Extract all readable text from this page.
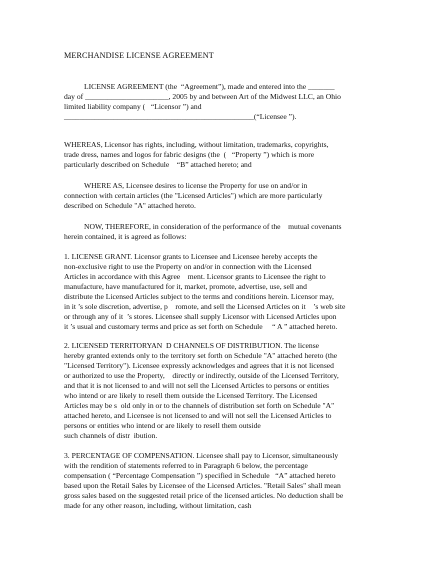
MERCHANDISE LICENSE AGREEMENT
LICENSE AGREEMENT (the  “Agreement”), made and entered into the _______
day of ______________________, 2005 by and between Art of the Midwest LLC, an Ohio
limited liability company (   “Licensor ”) and
__________________________________________________(“Licensee ”).
WHEREAS, Licensor has rights, including, without limitation, trademarks, copyrights,
trade dress, names and logos for fabric designs (the  (   “Property ”) which is more
particularly described on Schedule    “B” attached hereto; and
WHERE AS, Licensee desires to license the Property for use on and/or in
connection with certain articles (the "Licensed Articles") which are more particularly
described on Schedule "A" attached hereto.
NOW, THEREFORE, in consideration of the performance of the    mutual covenants
herein contained, it is agreed as follows:
1. LICENSE GRANT. Licensor grants to Licensee and Licensee hereby accepts the
non-exclusive right to use the Property on and/or in connection with the Licensed
Articles in accordance with this Agree    ment. Licensor grants to Licensee the right to
manufacture, have manufactured for it, market, promote, advertise, use, sell and
distribute the Licensed Articles subject to the terms and conditions herein. Licensor may,
in it ’s sole discretion, advertise, p    romote, and sell the Licensed Articles on it    ’s web site
or through any of it  ’s stores. Licensee shall supply Licensor with Licensed Articles upon
it ’s usual and customary terms and price as set forth on Schedule     “ A ” attached hereto.
2. LICENSED TERRITORYAN  D CHANNELS OF DISTRIBUTION. The license
hereby granted extends only to the territory set forth on Schedule "A" attached hereto (the
"Licensed Territory"). Licensee expressly acknowledges and agrees that it is not licensed
or authorized to use the Property,    directly or indirectly, outside of the Licensed Territory,
and that it is not licensed to and will not sell the Licensed Articles to persons or entities
who intend or are likely to resell them outside the Licensed Territory. The Licensed
Articles may be s  old only in or to the channels of distribution set forth on Schedule "A"
attached hereto, and Licensee is not licensed to and will not sell the Licensed Articles to
persons or entities who intend or are likely to resell them outside
such channels of distr  ibution.
3. PERCENTAGE OF COMPENSATION. Licensee shall pay to Licensor, simultaneously
with the rendition of statements referred to in Paragraph 6 below, the percentage
compensation ( “Percentage Compensation ”) specified in Schedule   “A” attached hereto
based upon the Retail Sales by Licensee of the Licensed Articles. "Retail Sales" shall mean
gross sales based on the suggested retail price of the licensed articles. No deduction shall be
made for any other reason, including, without limitation, cash
